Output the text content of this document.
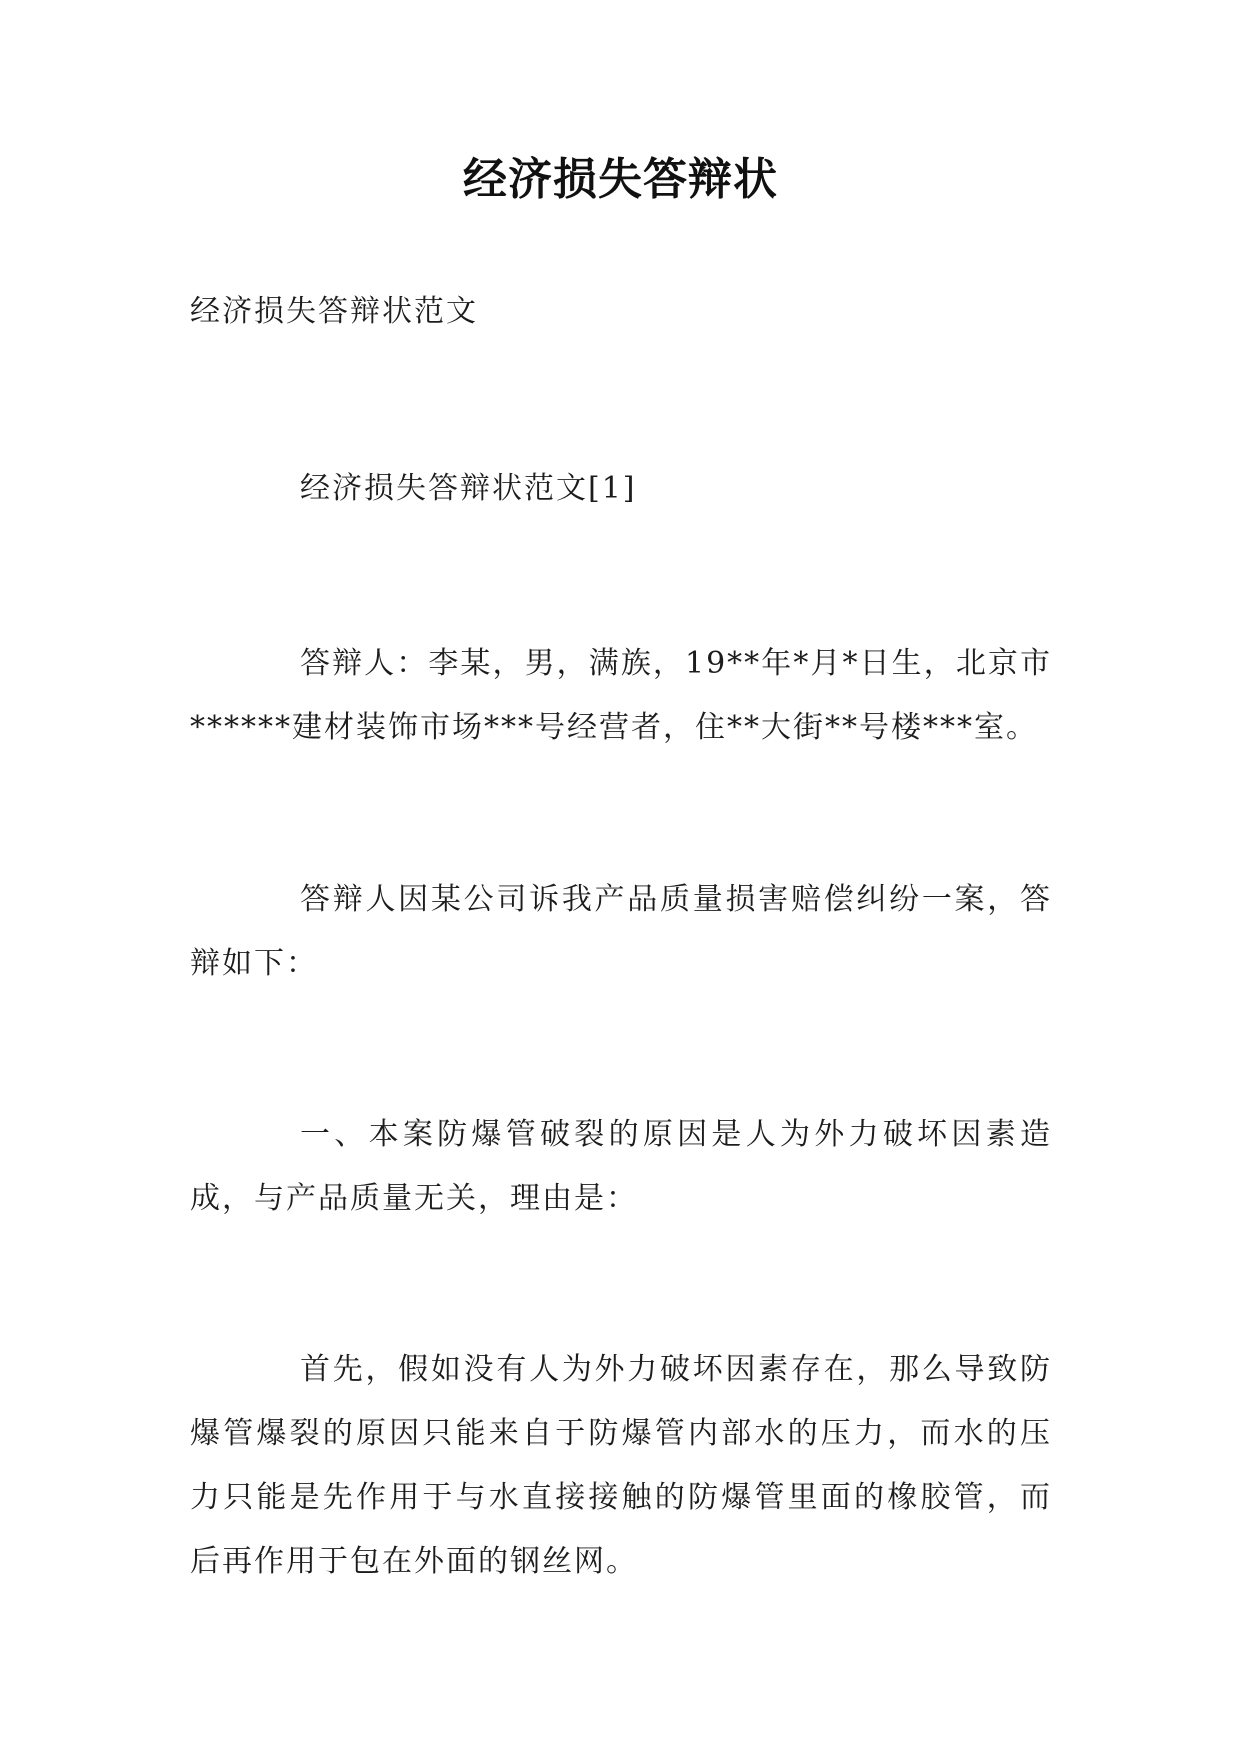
经济损失答辩状

经济损失答辩状范文

经济损失答辩状范文[1]

答辩人：李某，男，满族，19**年*月*日生，北京市******建材装饰市场***号经营者，住**大街**号楼***室。

答辩人因某公司诉我产品质量损害赔偿纠纷一案，答辩如下：

一、本案防爆管破裂的原因是人为外力破坏因素造成，与产品质量无关，理由是：

首先，假如没有人为外力破坏因素存在，那么导致防爆管爆裂的原因只能来自于防爆管内部水的压力，而水的压力只能是先作用于与水直接接触的防爆管里面的橡胶管，而后再作用于包在外面的钢丝网。
